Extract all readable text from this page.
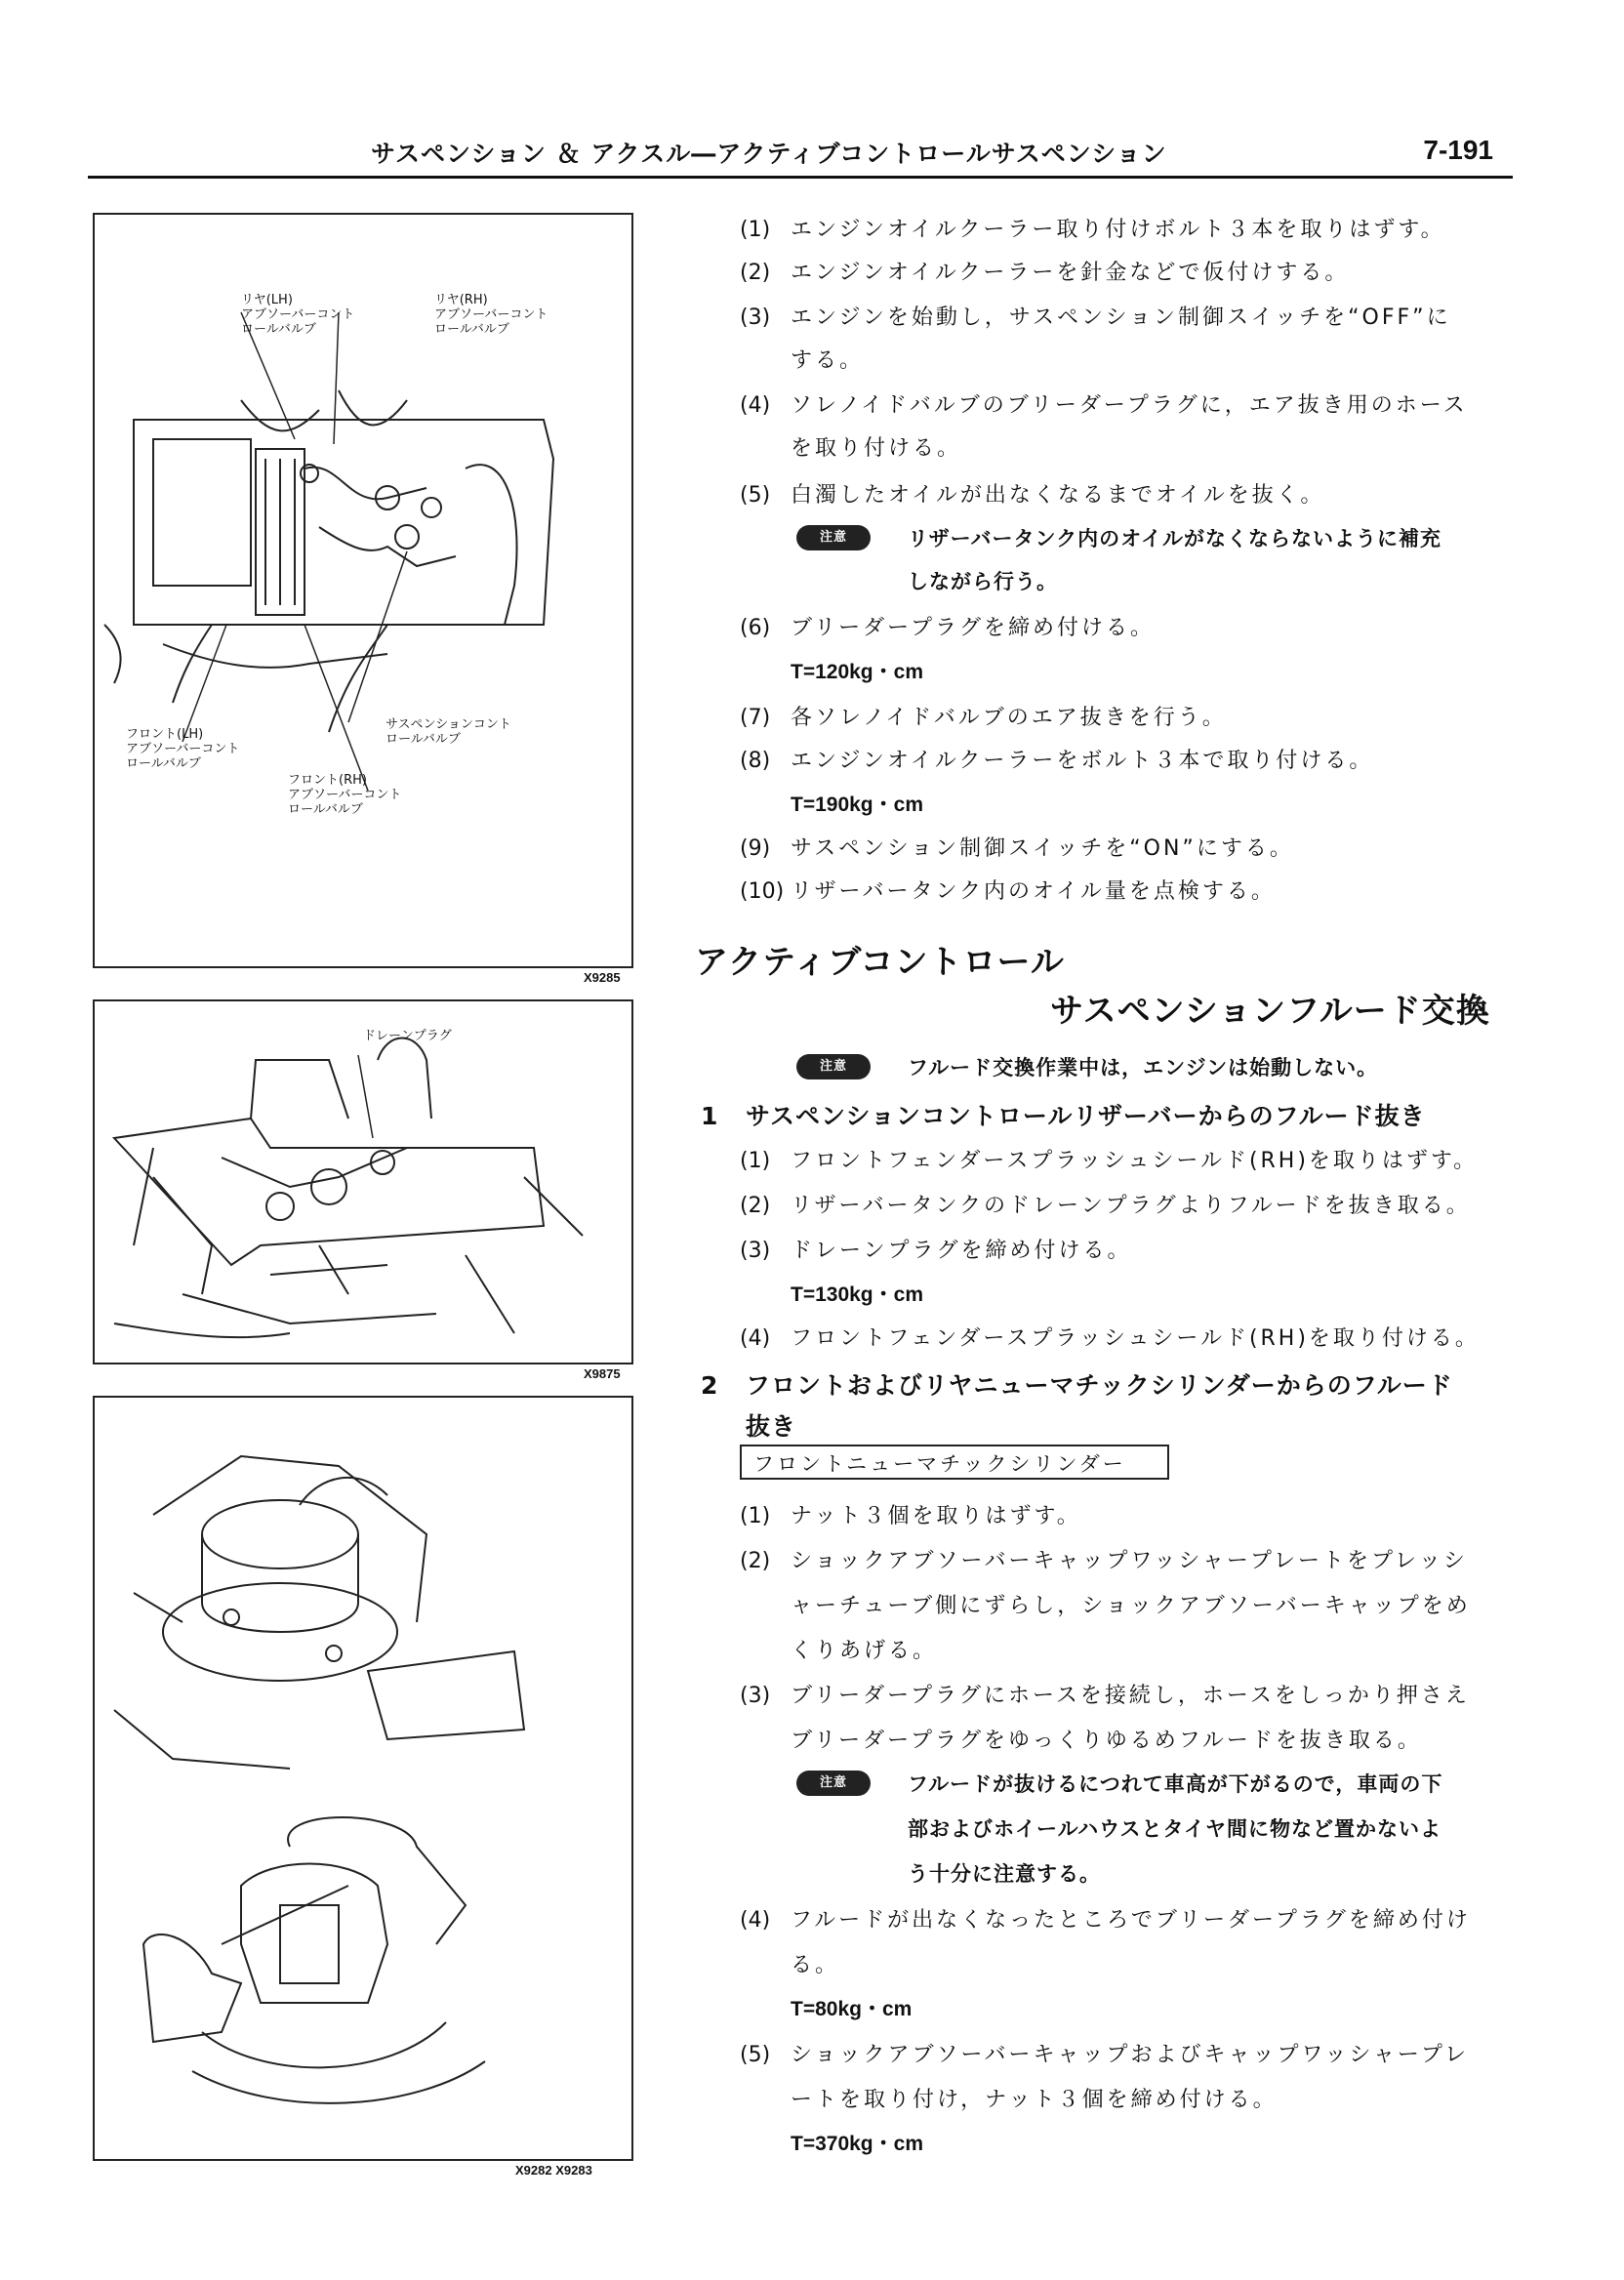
サスペンション ＆ アクスル―アクティブコントロールサスペンション	7-191
リヤ(LH)
アブソーバーコント
ロールバルブ
リヤ(RH)
アブソーバーコント
ロールバルブ
フロント(LH)
アブソーバーコント
ロールバルブ
サスペンションコント
ロールバルブ
フロント(RH)
アブソーバーコント
ロールバルブ
X9285
ドレーンプラグ
X9875
X9282 X9283
(1) エンジンオイルクーラー取り付けボルト３本を取りはずす。
(2) エンジンオイルクーラーを針金などで仮付けする。
(3) エンジンを始動し，サスペンション制御スイッチを“OFF”に
する。
(4) ソレノイドバルブのブリーダープラグに，エア抜き用のホース
を取り付ける。
(5) 白濁したオイルが出なくなるまでオイルを抜く。
注意	リザーバータンク内のオイルがなくならないように補充
しながら行う。
(6) ブリーダープラグを締め付ける。
T=120kg・cm
(7) 各ソレノイドバルブのエア抜きを行う。
(8) エンジンオイルクーラーをボルト３本で取り付ける。
T=190kg・cm
(9) サスペンション制御スイッチを“ON”にする。
(10) リザーバータンク内のオイル量を点検する。
アクティブコントロール
サスペンションフルード交換
注意	フルード交換作業中は，エンジンは始動しない。
1 サスペンションコントロールリザーバーからのフルード抜き
(1) フロントフェンダースプラッシュシールド(RH)を取りはずす。
(2) リザーバータンクのドレーンプラグよりフルードを抜き取る。
(3) ドレーンプラグを締め付ける。
T=130kg・cm
(4) フロントフェンダースプラッシュシールド(RH)を取り付ける。
2 フロントおよびリヤニューマチックシリンダーからのフルード
抜き
フロントニューマチックシリンダー
(1) ナット３個を取りはずす。
(2) ショックアブソーバーキャップワッシャープレートをプレッシ
ャーチューブ側にずらし，ショックアブソーバーキャップをめ
くりあげる。
(3) ブリーダープラグにホースを接続し，ホースをしっかり押さえ
ブリーダープラグをゆっくりゆるめフルードを抜き取る。
注意	フルードが抜けるにつれて車高が下がるので，車両の下
部およびホイールハウスとタイヤ間に物など置かないよ
う十分に注意する。
(4) フルードが出なくなったところでブリーダープラグを締め付け
る。
T=80kg・cm
(5) ショックアブソーバーキャップおよびキャップワッシャープレ
ートを取り付け，ナット３個を締め付ける。
T=370kg・cm
